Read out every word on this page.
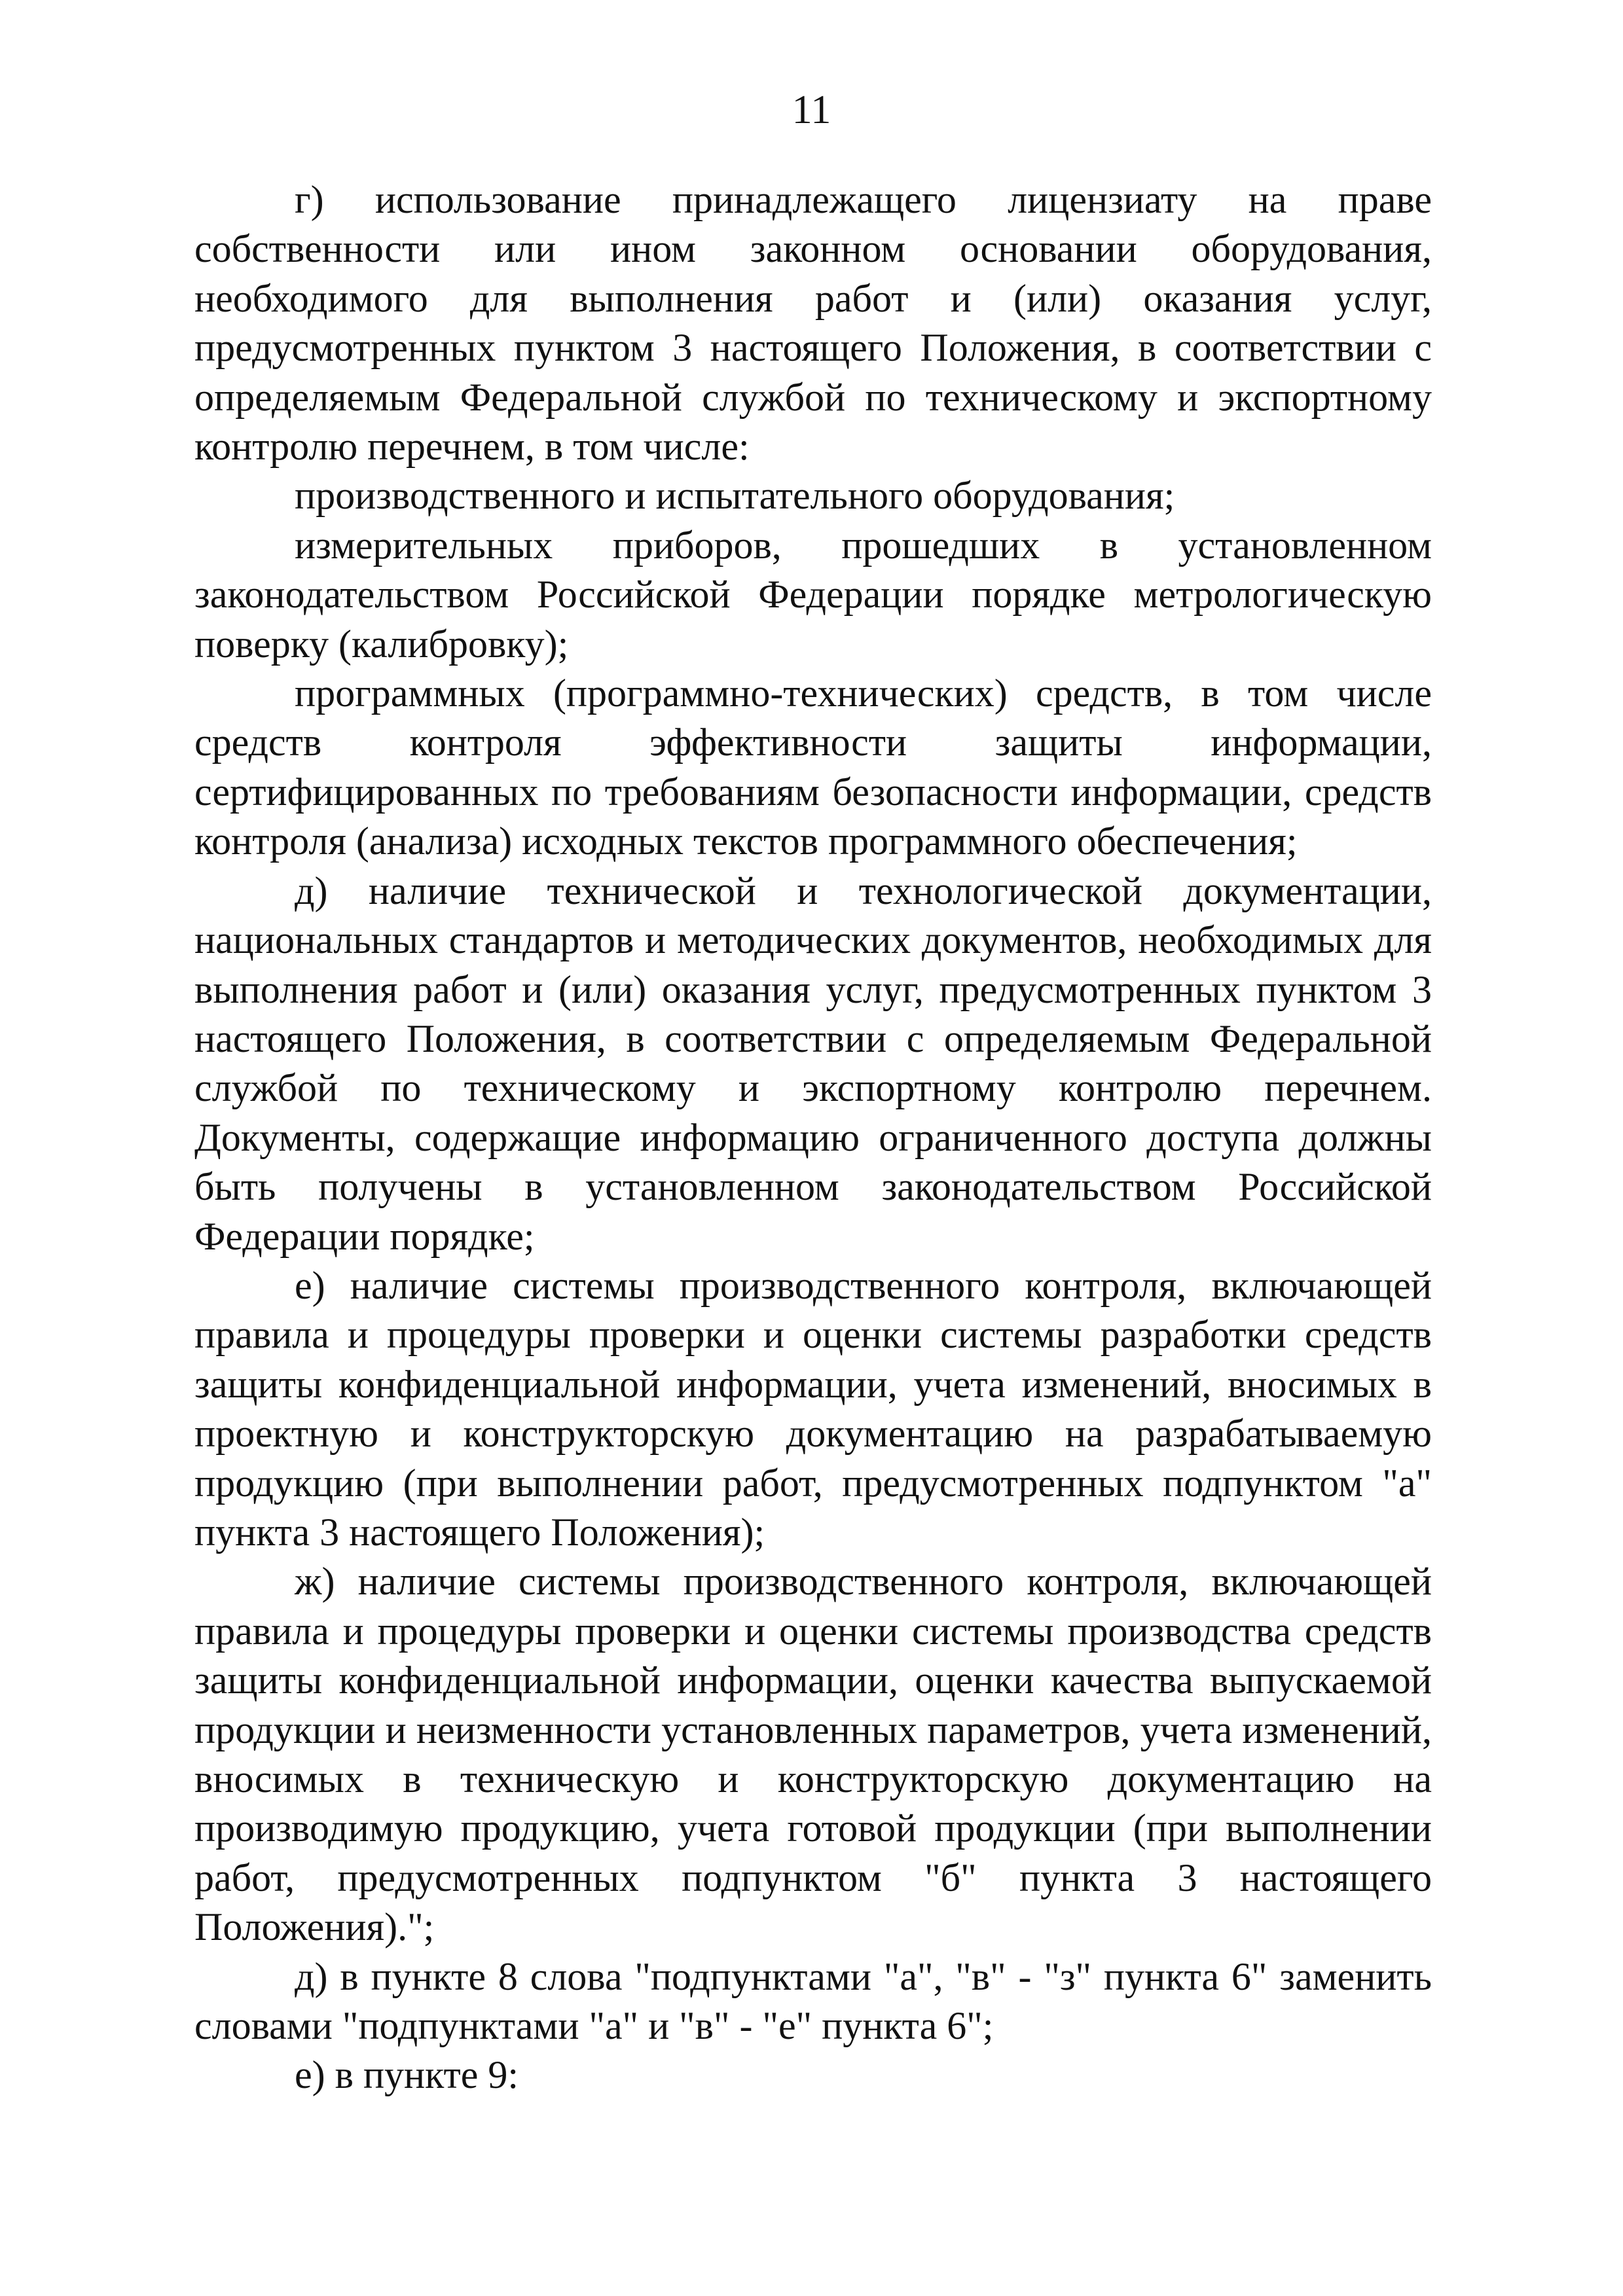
11

г) использование принадлежащего лицензиату на праве собственности или ином законном основании оборудования, необходимого для выполнения работ и (или) оказания услуг, предусмотренных пунктом 3 настоящего Положения, в соответствии с определяемым Федеральной службой по техническому и экспортному контролю перечнем, в том числе:

производственного и испытательного оборудования;

измерительных приборов, прошедших в установленном законодательством Российской Федерации порядке метрологическую поверку (калибровку);

программных (программно-технических) средств, в том числе средств контроля эффективности защиты информации, сертифицированных по требованиям безопасности информации, средств контроля (анализа) исходных текстов программного обеспечения;

д) наличие технической и технологической документации, национальных стандартов и методических документов, необходимых для выполнения работ и (или) оказания услуг, предусмотренных пунктом 3 настоящего Положения, в соответствии с определяемым Федеральной службой по техническому и экспортному контролю перечнем. Документы, содержащие информацию ограниченного доступа должны быть получены в установленном законодательством Российской Федерации порядке;

е) наличие системы производственного контроля, включающей правила и процедуры проверки и оценки системы разработки средств защиты конфиденциальной информации, учета изменений, вносимых в проектную и конструкторскую документацию на разрабатываемую продукцию (при выполнении работ, предусмотренных подпунктом "а" пункта 3 настоящего Положения);

ж) наличие системы производственного контроля, включающей правила и процедуры проверки и оценки системы производства средств защиты конфиденциальной информации, оценки качества выпускаемой продукции и неизменности установленных параметров, учета изменений, вносимых в техническую и конструкторскую документацию на производимую продукцию, учета готовой продукции (при выполнении работ, предусмотренных подпунктом "б" пункта 3 настоящего Положения).";

д) в пункте 8 слова "подпунктами "а", "в" - "з" пункта 6" заменить словами "подпунктами "а" и "в" - "е" пункта 6";

е) в пункте 9:
